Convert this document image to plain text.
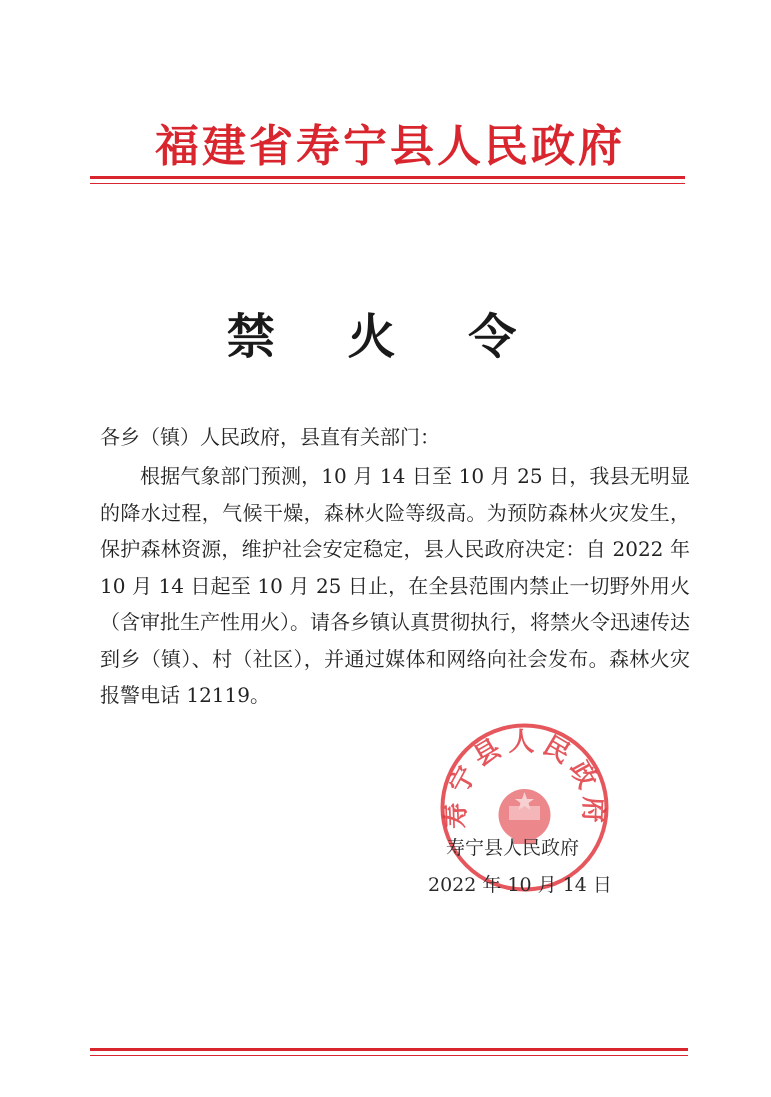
福建省寿宁县人民政府
禁 火 令
各乡（镇）人民政府，县直有关部门：
根据气象部门预测，10 月 14 日至 10 月 25 日，我县无明显的降水过程，气候干燥，森林火险等级高。为预防森林火灾发生，保护森林资源，维护社会安定稳定，县人民政府决定：自 2022 年 10 月 14 日起至 10 月 25 日止，在全县范围内禁止一切野外用火（含审批生产性用火）。请各乡镇认真贯彻执行，将禁火令迅速传达到乡（镇）、村（社区），并通过媒体和网络向社会发布。森林火灾报警电话 12119。
寿宁县人民政府
寿宁县人民政府
2022 年 10 月 14 日
